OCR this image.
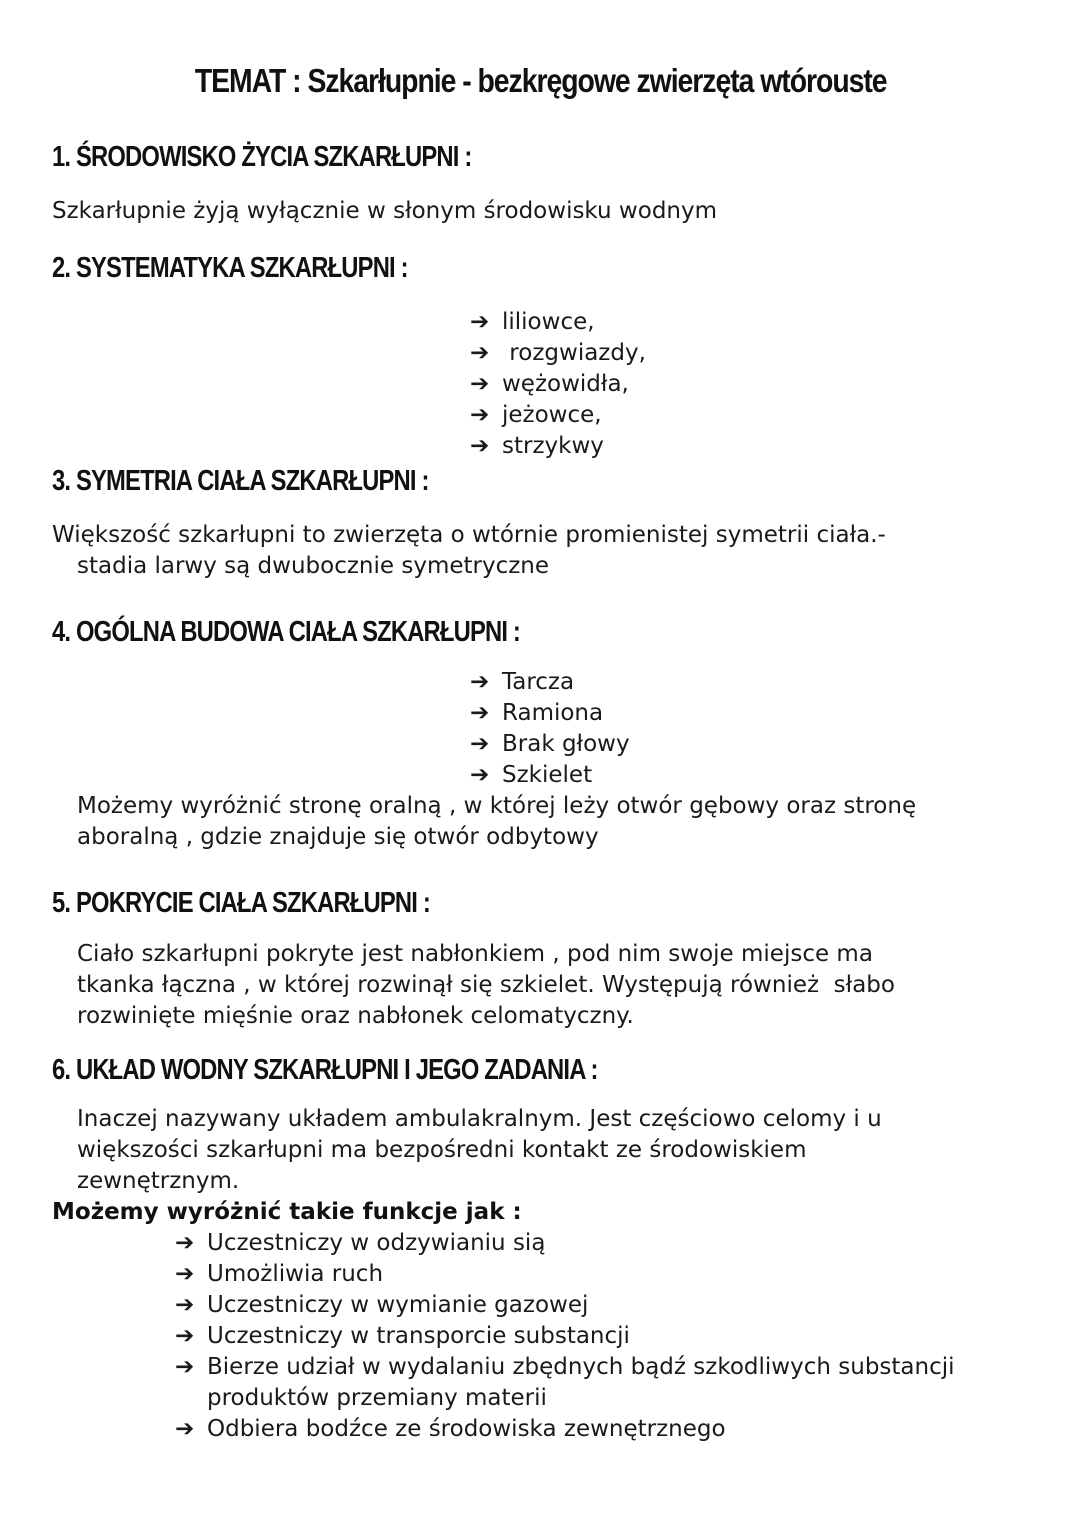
TEMAT : Szkarłupnie - bezkręgowe zwierzęta wtórouste
1. ŚRODOWISKO ŻYCIA SZKARŁUPNI :
Szkarłupnie żyją wyłącznie w słonym środowisku wodnym
2. SYSTEMATYKA SZKARŁUPNI :
➔ liliowce,
➔ rozgwiazdy,
➔ wężowidła,
➔ jeżowce,
➔ strzykwy
3. SYMETRIA CIAŁA SZKARŁUPNI :
Większość szkarłupni to zwierzęta o wtórnie promienistej symetrii ciała.-
stadia larwy są dwubocznie symetryczne
4. OGÓLNA BUDOWA CIAŁA SZKARŁUPNI :
➔ Tarcza
➔ Ramiona
➔ Brak głowy
➔ Szkielet
Możemy wyróżnić stronę oralną , w której leży otwór gębowy oraz stronę
aboralną , gdzie znajduje się otwór odbytowy
5. POKRYCIE CIAŁA SZKARŁUPNI :
Ciało szkarłupni pokryte jest nabłonkiem , pod nim swoje miejsce ma
tkanka łączna , w której rozwinął się szkielet. Występują również  słabo
rozwinięte mięśnie oraz nabłonek celomatyczny.
6. UKŁAD WODNY SZKARŁUPNI I JEGO ZADANIA :
Inaczej nazywany układem ambulakralnym. Jest częściowo celomy i u
większości szkarłupni ma bezpośredni kontakt ze środowiskiem
zewnętrznym.
Możemy wyróżnić takie funkcje jak :
➔ Uczestniczy w odzywianiu sią
➔ Umożliwia ruch
➔ Uczestniczy w wymianie gazowej
➔ Uczestniczy w transporcie substancji
➔ Bierze udział w wydalaniu zbędnych bądź szkodliwych substancji
produktów przemiany materii
➔ Odbiera bodźce ze środowiska zewnętrznego
